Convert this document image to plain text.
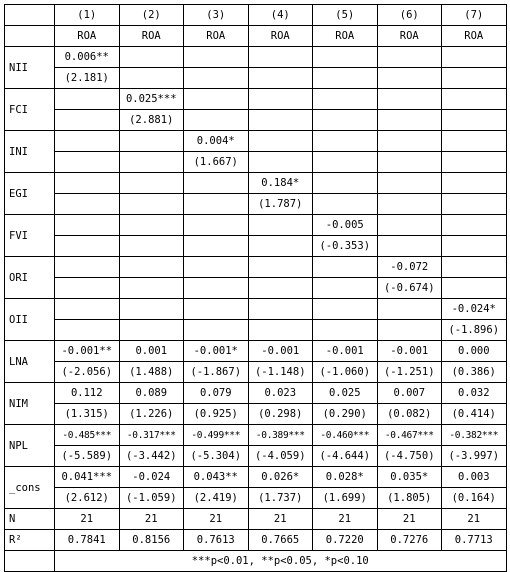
	(1)	(2)	(3)	(4)	(5)	(6)	(7)
	ROA	ROA	ROA	ROA	ROA	ROA	ROA
NII	0.006**						
	(2.181)						
FCI		0.025***					
		(2.881)					
INI			0.004*				
			(1.667)				
EGI				0.184*			
				(1.787)			
FVI					-0.005		
					(-0.353)		
ORI						-0.072	
						(-0.674)	
OII							-0.024*
							(-1.896)
LNA	-0.001**	0.001	-0.001*	-0.001	-0.001	-0.001	0.000
	(-2.056)	(1.488)	(-1.867)	(-1.148)	(-1.060)	(-1.251)	(0.386)
NIM	0.112	0.089	0.079	0.023	0.025	0.007	0.032
	(1.315)	(1.226)	(0.925)	(0.298)	(0.290)	(0.082)	(0.414)
NPL	-0.485***	-0.317***	-0.499***	-0.389***	-0.460***	-0.467***	-0.382***
	(-5.589)	(-3.442)	(-5.304)	(-4.059)	(-4.644)	(-4.750)	(-3.997)
_cons	0.041***	-0.024	0.043**	0.026*	0.028*	0.035*	0.003
	(2.612)	(-1.059)	(2.419)	(1.737)	(1.699)	(1.805)	(0.164)
N	21	21	21	21	21	21	21
R²	0.7841	0.8156	0.7613	0.7665	0.7220	0.7276	0.7713
	***p<0.01, **p<0.05, *p<0.10						
